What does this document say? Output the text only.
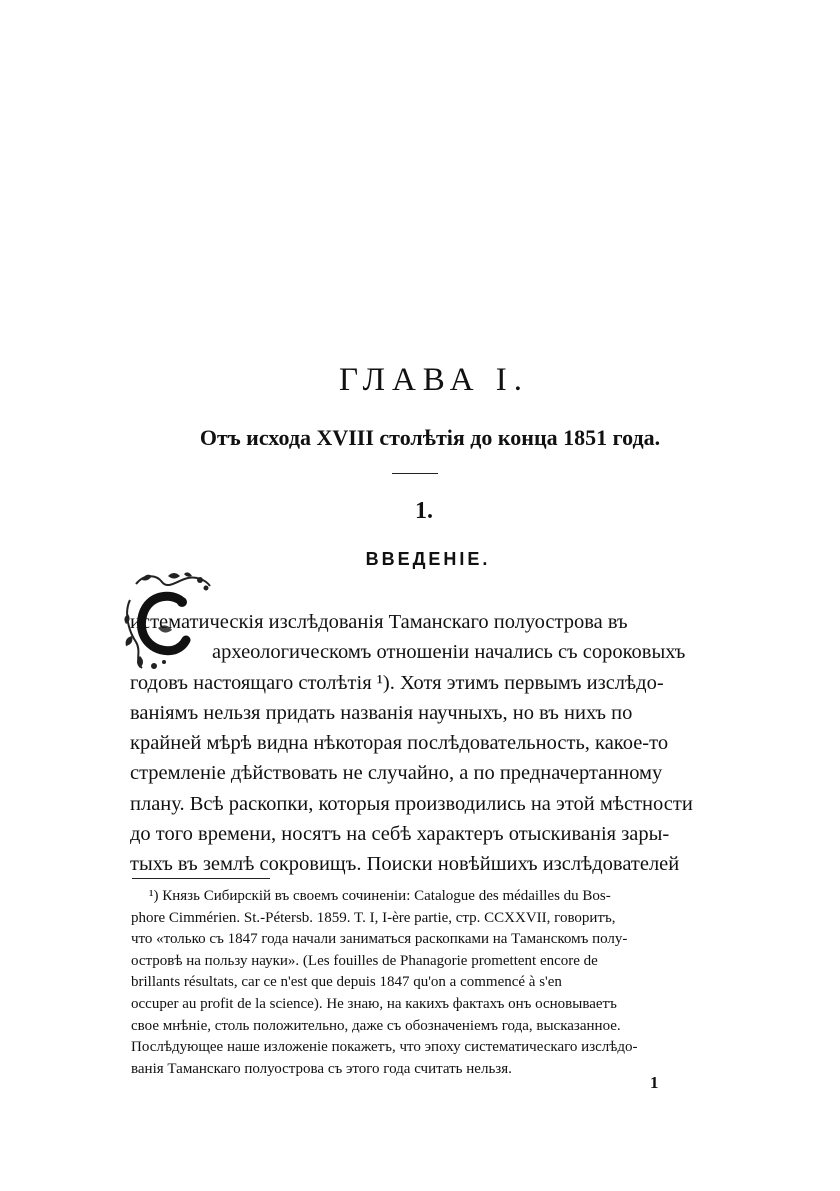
ГЛАВА I.
Отъ исхода XVIII столѣтія до конца 1851 года.
1.
ВВЕДЕНІЕ.
истематическія изслѣдованія Таманскаго полуострова въ
археологическомъ отношеніи начались съ сороковыхъ
годовъ настоящаго столѣтія ¹). Хотя этимъ первымъ изслѣдо-
ваніямъ нельзя придать названія научныхъ, но въ нихъ по
крайней мѣрѣ видна нѣкоторая послѣдовательность, какое-то
стремленіе дѣйствовать не случайно, а по предначертанному
плану. Всѣ раскопки, которыя производились на этой мѣстности
до того времени, носятъ на себѣ характеръ отыскиванія зары-
тыхъ въ землѣ сокровищъ. Поиски новѣйшихъ изслѣдователей
¹) Князь Сибирскій въ своемъ сочиненіи: Catalogue des médailles du Bos-
phore Cimmérien. St.-Pétersb. 1859. T. I, I-ère partie, стр. CCXXVII, говоритъ,
что «только съ 1847 года начали заниматься раскопками на Таманскомъ полу-
островѣ на пользу науки». (Les fouilles de Phanagorie promettent encore de
brillants résultats, car ce n'est que depuis 1847 qu'on a commencé à s'en
occuper au profit de la science). Не знаю, на какихъ фактахъ онъ основываетъ
свое мнѣніе, столь положительно, даже съ обозначеніемъ года, высказанное.
Послѣдующее наше изложеніе покажетъ, что эпоху систематическаго изслѣдо-
ванія Таманскаго полуострова съ этого года считать нельзя.
1
